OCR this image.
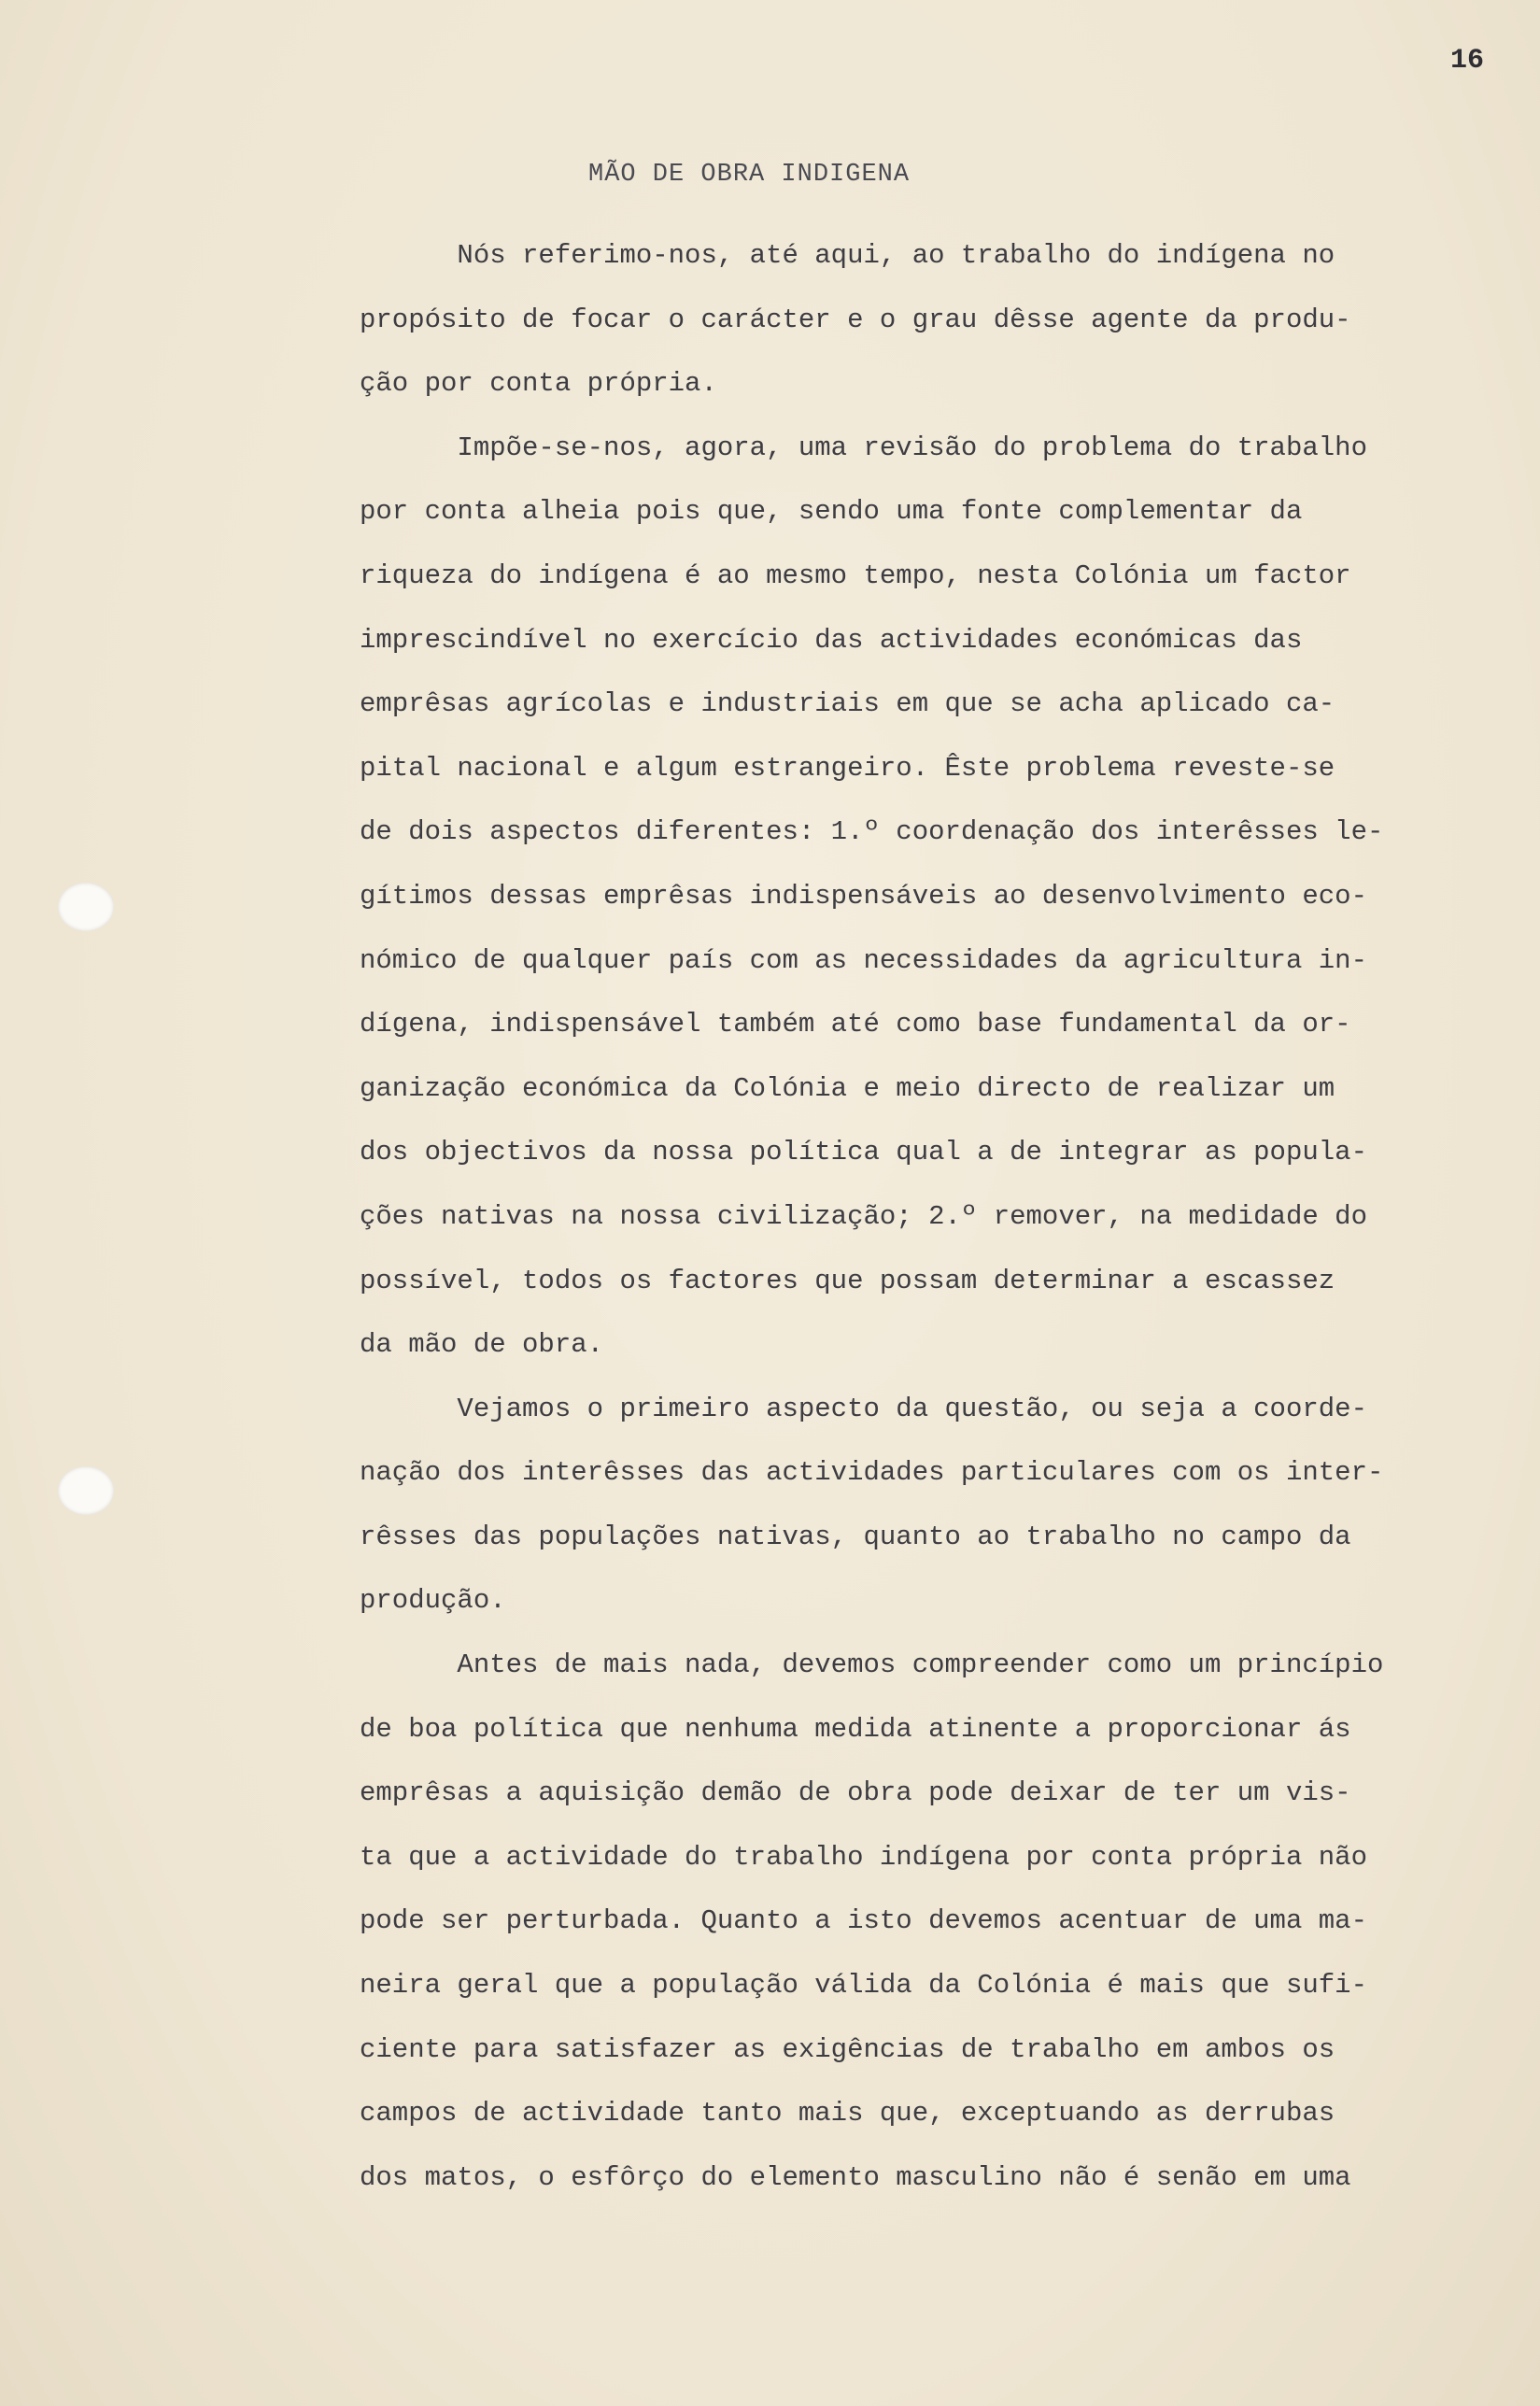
16
MÃO DE OBRA INDIGENA
Nós referimo-nos, até aqui, ao trabalho do indígena no
propósito de focar o carácter e o grau dêsse agente da produ-
ção por conta própria.
Impõe-se-nos, agora, uma revisão do problema do trabalho
por conta alheia pois que, sendo uma fonte complementar da
riqueza do indígena é ao mesmo tempo, nesta Colónia um factor
imprescindível no exercício das actividades económicas das
emprêsas agrícolas e industriais em que se acha aplicado ca-
pital nacional e algum estrangeiro. Êste problema reveste-se
de dois aspectos diferentes: 1.º coordenação dos interêsses le-
gítimos dessas emprêsas indispensáveis ao desenvolvimento eco-
nómico de qualquer país com as necessidades da agricultura in-
dígena, indispensável também até como base fundamental da or-
ganização económica da Colónia e meio directo de realizar um
dos objectivos da nossa política qual a de integrar as popula-
ções nativas na nossa civilização; 2.º remover, na medidade do
possível, todos os factores que possam determinar a escassez
da mão de obra.
Vejamos o primeiro aspecto da questão, ou seja a coorde-
nação dos interêsses das actividades particulares com os inter-
rêsses das populações nativas, quanto ao trabalho no campo da
produção.
Antes de mais nada, devemos compreender como um princípio
de boa política que nenhuma medida atinente a proporcionar ás
emprêsas a aquisição demão de obra pode deixar de ter um vis-
ta que a actividade do trabalho indígena por conta própria não
pode ser perturbada. Quanto a isto devemos acentuar de uma ma-
neira geral que a população válida da Colónia é mais que sufi-
ciente para satisfazer as exigências de trabalho em ambos os
campos de actividade tanto mais que, exceptuando as derrubas
dos matos, o esfôrço do elemento masculino não é senão em uma
